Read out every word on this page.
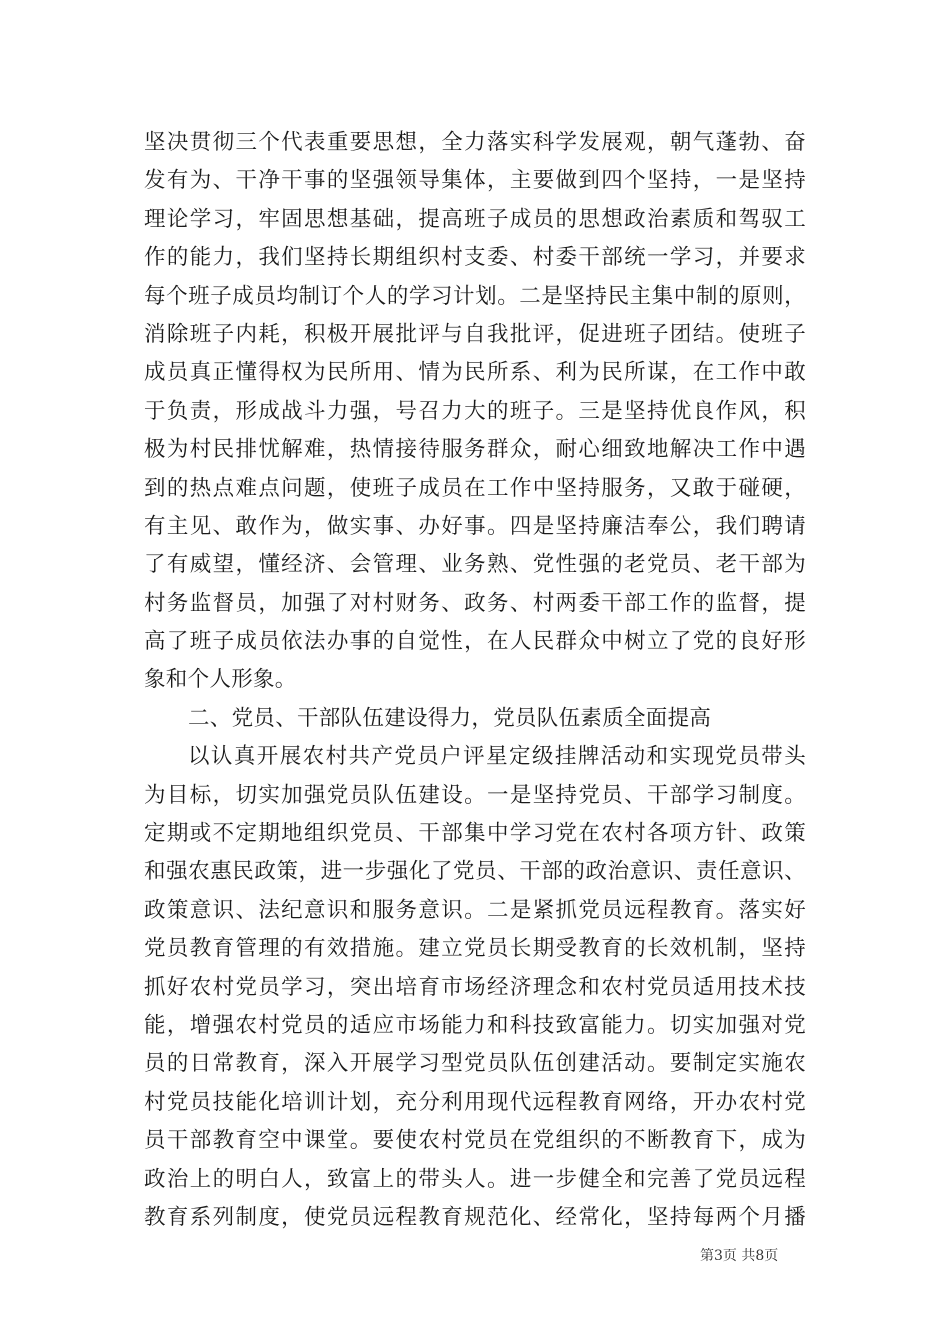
坚决贯彻三个代表重要思想，全力落实科学发展观，朝气蓬勃、奋
发有为、干净干事的坚强领导集体，主要做到四个坚持，一是坚持
理论学习，牢固思想基础，提高班子成员的思想政治素质和驾驭工
作的能力，我们坚持长期组织村支委、村委干部统一学习，并要求
每个班子成员均制订个人的学习计划。二是坚持民主集中制的原则，
消除班子内耗，积极开展批评与自我批评，促进班子团结。使班子
成员真正懂得权为民所用、情为民所系、利为民所谋，在工作中敢
于负责，形成战斗力强，号召力大的班子。三是坚持优良作风，积
极为村民排忧解难，热情接待服务群众，耐心细致地解决工作中遇
到的热点难点问题，使班子成员在工作中坚持服务，又敢于碰硬，
有主见、敢作为，做实事、办好事。四是坚持廉洁奉公，我们聘请
了有威望，懂经济、会管理、业务熟、党性强的老党员、老干部为
村务监督员，加强了对村财务、政务、村两委干部工作的监督，提
高了班子成员依法办事的自觉性，在人民群众中树立了党的良好形
象和个人形象。
二、党员、干部队伍建设得力，党员队伍素质全面提高
以认真开展农村共产党员户评星定级挂牌活动和实现党员带头
为目标，切实加强党员队伍建设。一是坚持党员、干部学习制度。
定期或不定期地组织党员、干部集中学习党在农村各项方针、政策
和强农惠民政策，进一步强化了党员、干部的政治意识、责任意识、
政策意识、法纪意识和服务意识。二是紧抓党员远程教育。落实好
党员教育管理的有效措施。建立党员长期受教育的长效机制，坚持
抓好农村党员学习，突出培育市场经济理念和农村党员适用技术技
能，增强农村党员的适应市场能力和科技致富能力。切实加强对党
员的日常教育，深入开展学习型党员队伍创建活动。要制定实施农
村党员技能化培训计划，充分利用现代远程教育网络，开办农村党
员干部教育空中课堂。要使农村党员在党组织的不断教育下，成为
政治上的明白人，致富上的带头人。进一步健全和完善了党员远程
教育系列制度，使党员远程教育规范化、经常化，坚持每两个月播
第3页 共8页
